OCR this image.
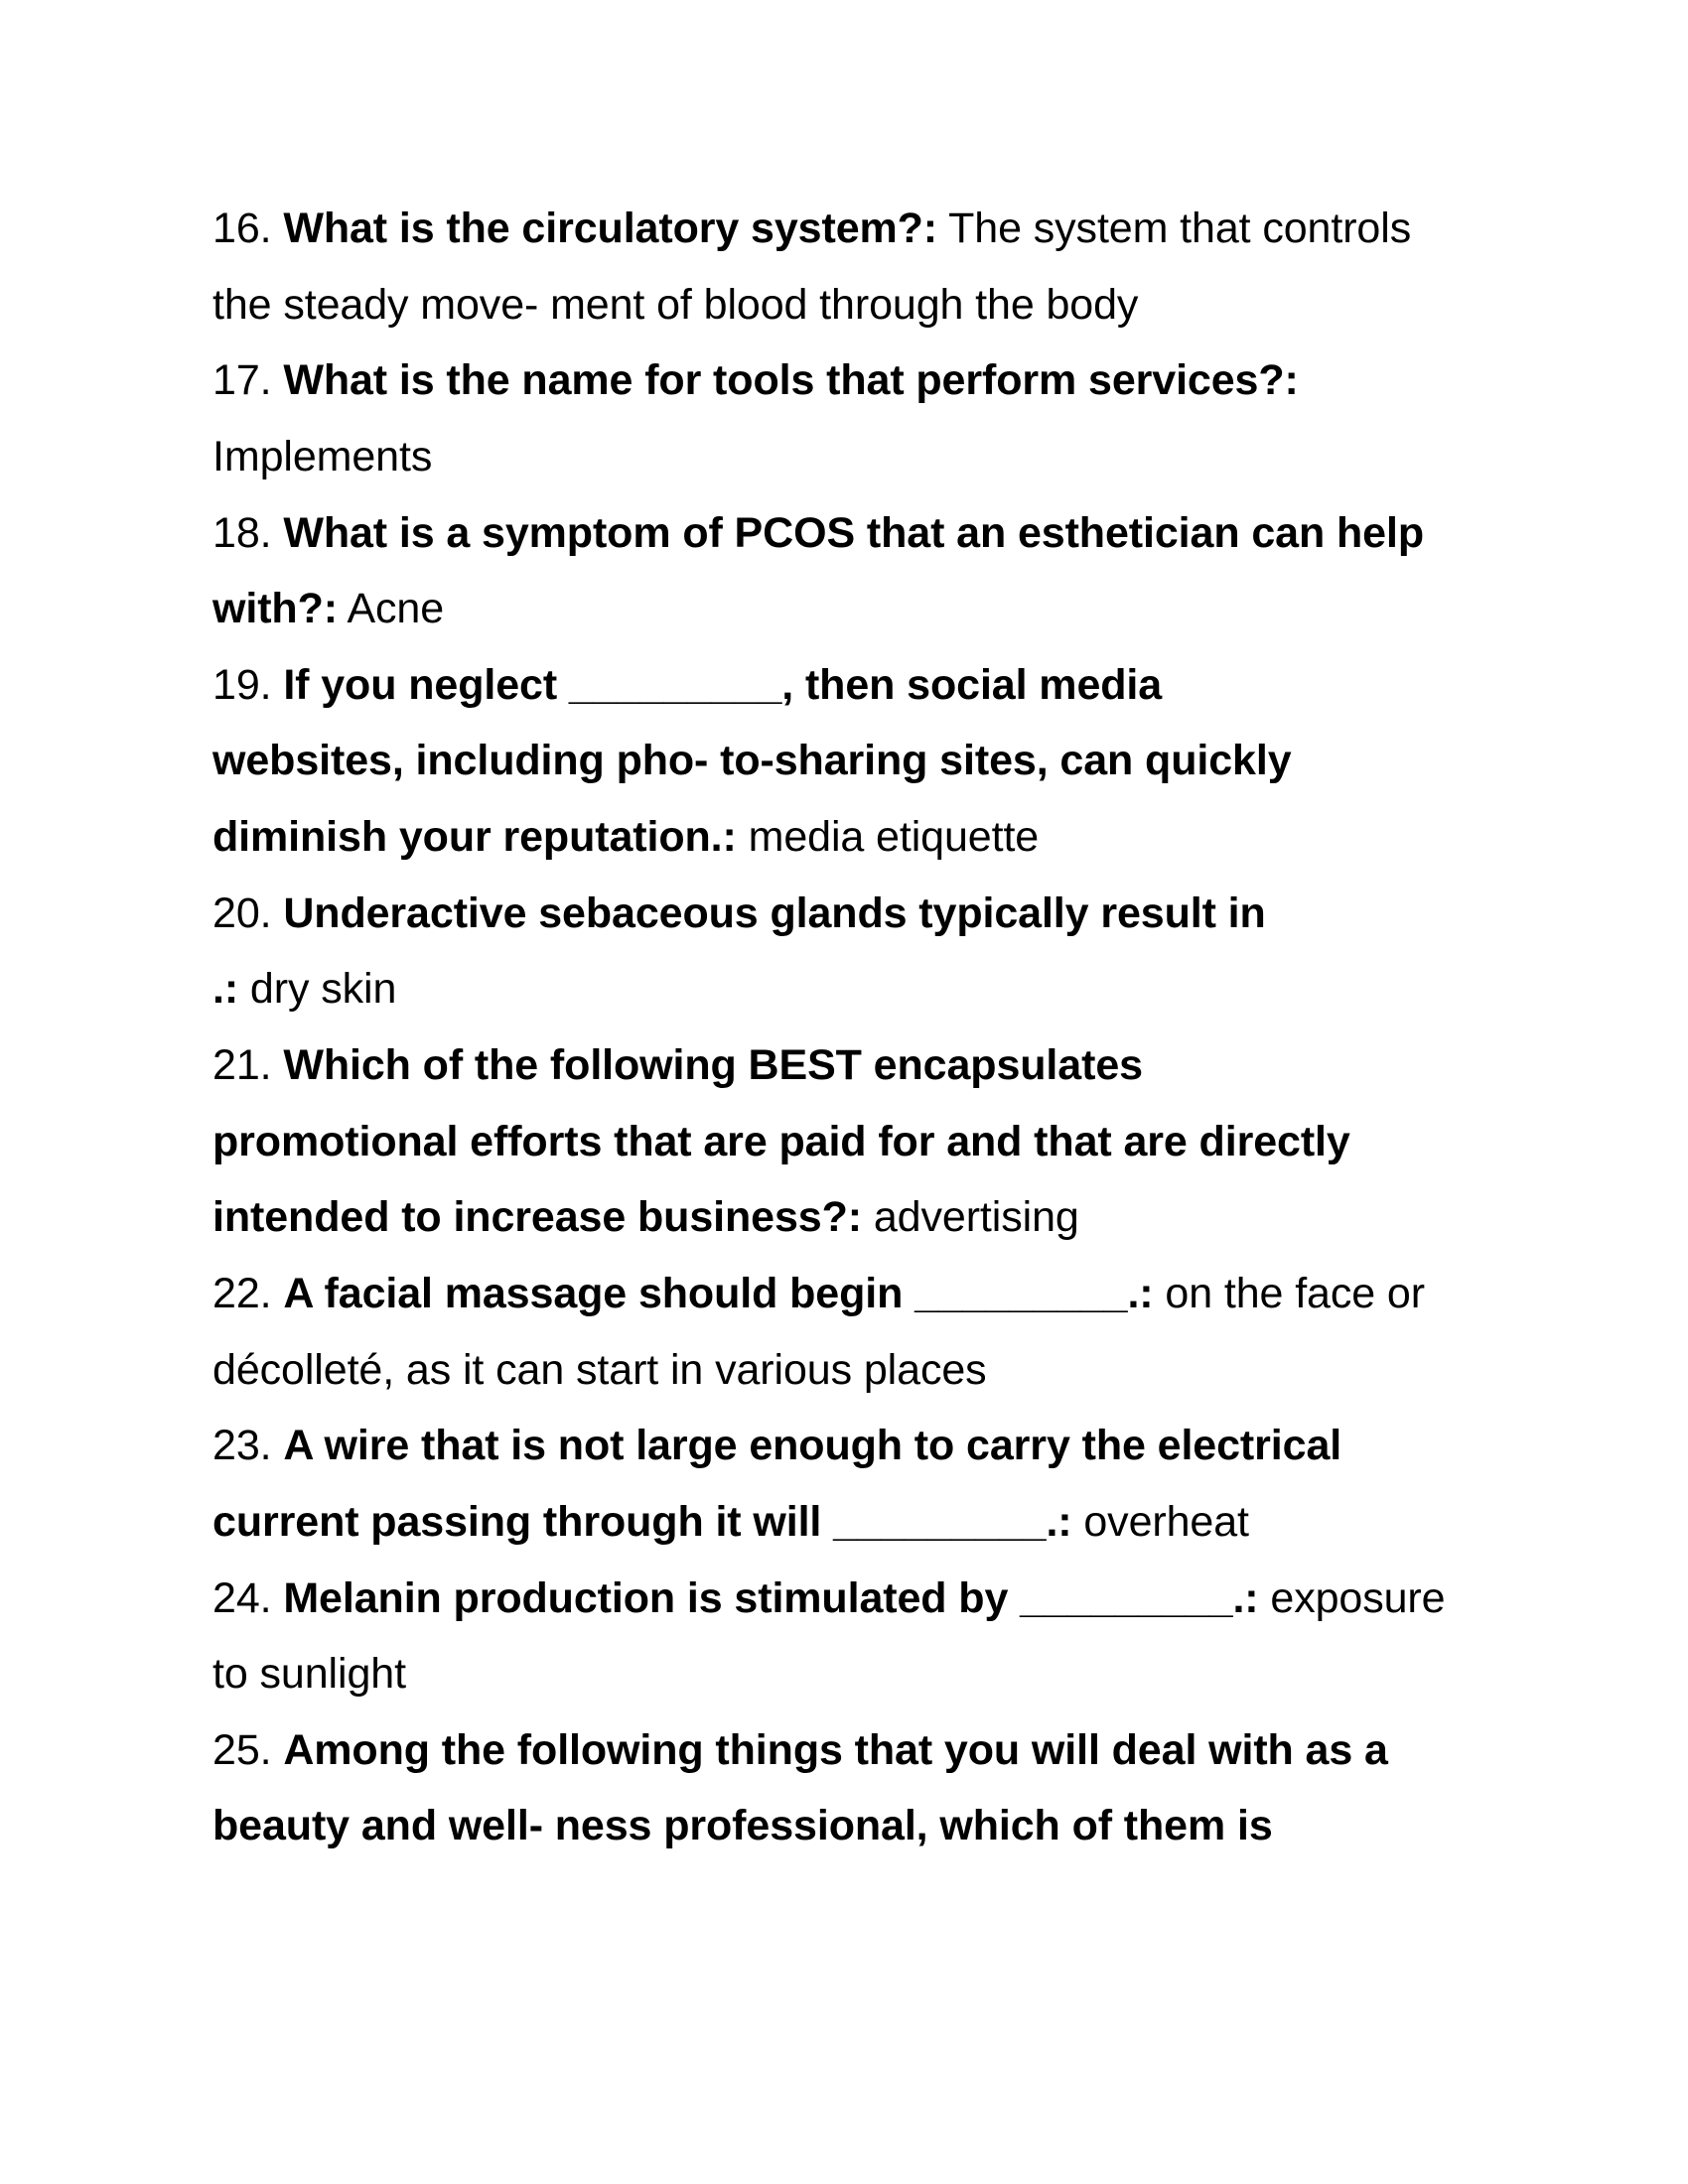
16. What is the circulatory system?: The system that controls
the steady move- ment of blood through the body
17. What is the name for tools that perform services?:
Implements
18. What is a symptom of PCOS that an esthetician can help
with?: Acne
19. If you neglect _________, then social media
websites, including pho- to-sharing sites, can quickly
diminish your reputation.: media etiquette
20. Underactive sebaceous glands typically result in
.: dry skin
21. Which of the following BEST encapsulates
promotional efforts that are paid for and that are directly
intended to increase business?: advertising
22. A facial massage should begin _________.: on the face or
décolleté, as it can start in various places
23. A wire that is not large enough to carry the electrical
current passing through it will _________.: overheat
24. Melanin production is stimulated by _________.: exposure
to sunlight
25. Among the following things that you will deal with as a
beauty and well- ness professional, which of them is
